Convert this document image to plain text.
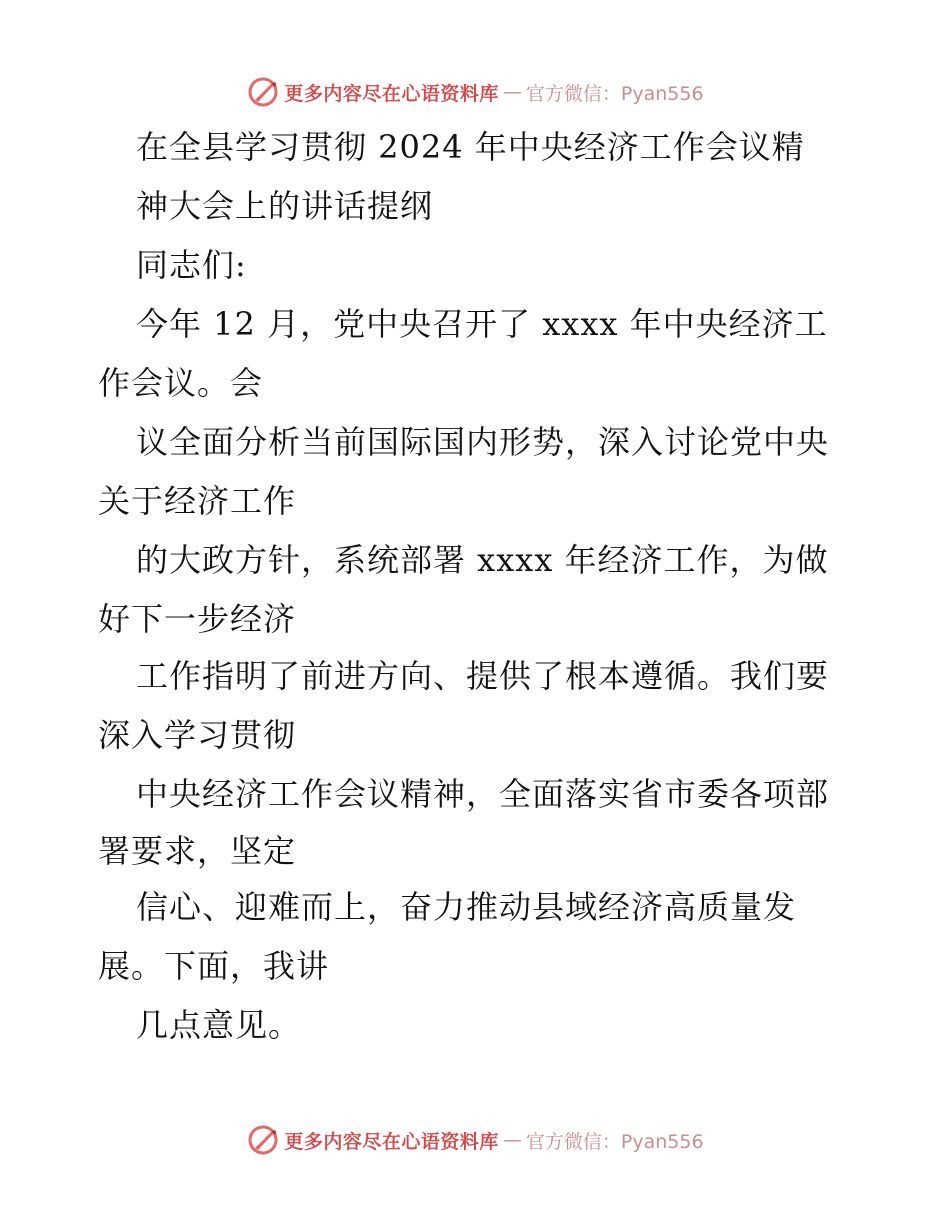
更多内容尽在心语资料库 — 官方微信：Pyan556
在全县学习贯彻 2024 年中央经济工作会议精
神大会上的讲话提纲
同志们:
今年 12 月，党中央召开了 xxxx 年中央经济工
作会议。会
议全面分析当前国际国内形势，深入讨论党中央
关于经济工作
的大政方针，系统部署 xxxx 年经济工作，为做
好下一步经济
工作指明了前进方向、提供了根本遵循。我们要
深入学习贯彻
中央经济工作会议精神，全面落实省市委各项部
署要求，坚定
信心、迎难而上，奋力推动县域经济高质量发
展。下面，我讲
几点意见。
更多内容尽在心语资料库 — 官方微信：Pyan556
